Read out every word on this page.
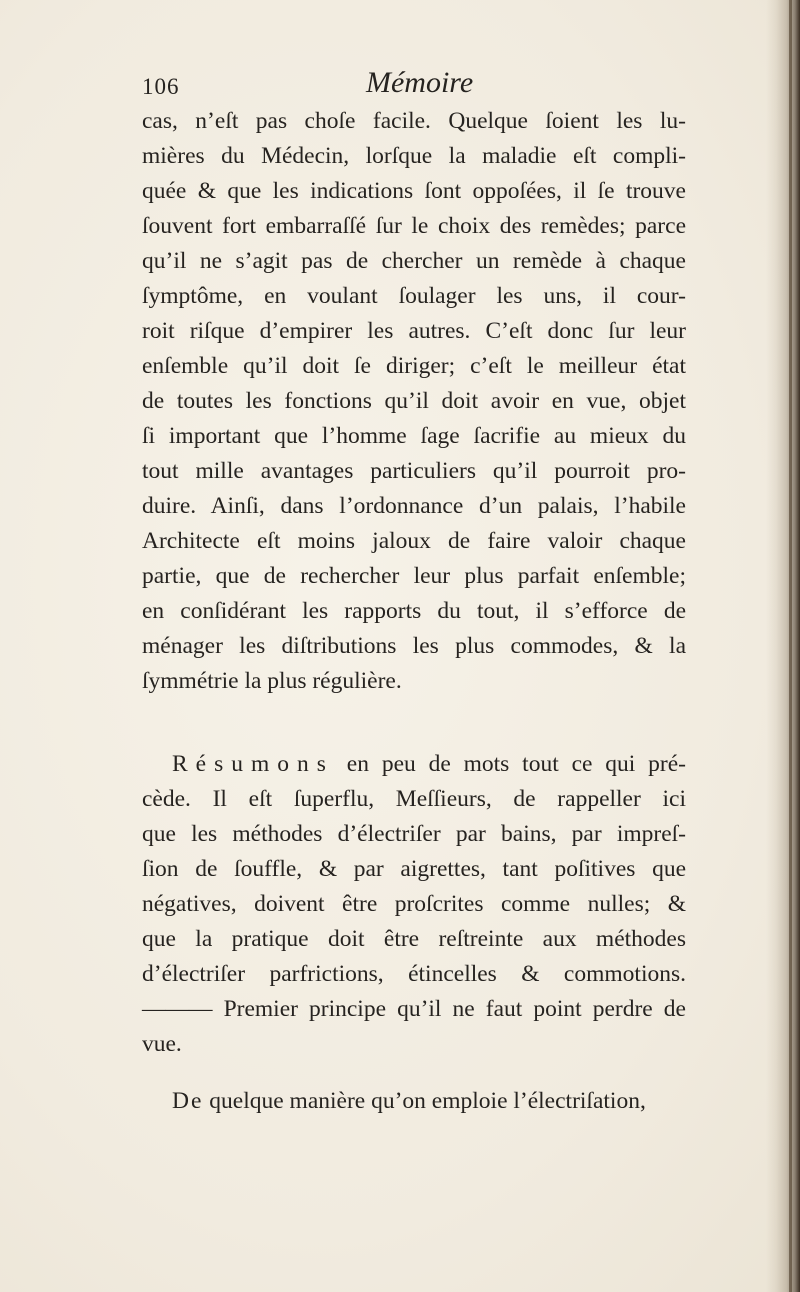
106	Mémoire
cas, n’eſt pas choſe facile. Quelque ſoient les lu-
mières du Médecin, lorſque la maladie eſt compli-
quée & que les indications ſont oppoſées, il ſe trouve
ſouvent fort embarraſſé ſur le choix des remèdes; parce
qu’il ne s’agit pas de chercher un remède à chaque
ſymptôme, en voulant ſoulager les uns, il cour-
roit riſque d’empirer les autres. C’eſt donc ſur leur
enſemble qu’il doit ſe diriger; c’eſt le meilleur état
de toutes les fonctions qu’il doit avoir en vue, objet
ſi important que l’homme ſage ſacrifie au mieux du
tout mille avantages particuliers qu’il pourroit pro-
duire. Ainſi, dans l’ordonnance d’un palais, l’habile
Architecte eſt moins jaloux de faire valoir chaque
partie, que de rechercher leur plus parfait enſemble;
en conſidérant les rapports du tout, il s’efforce de
ménager les diſtributions les plus commodes, & la
ſymmétrie la plus régulière.
Résumons en peu de mots tout ce qui pré-
cède. Il eſt ſuperflu, Meſſieurs, de rappeller ici
que les méthodes d’électriſer par bains, par impreſ-
ſion de ſouffle, & par aigrettes, tant poſitives que
négatives, doivent être proſcrites comme nulles; &
que la pratique doit être reſtreinte aux méthodes
d’électriſer parfrictions, étincelles & commotions.
——— Premier principe qu’il ne faut point perdre de
vue.
De quelque manière qu’on emploie l’électriſation,
